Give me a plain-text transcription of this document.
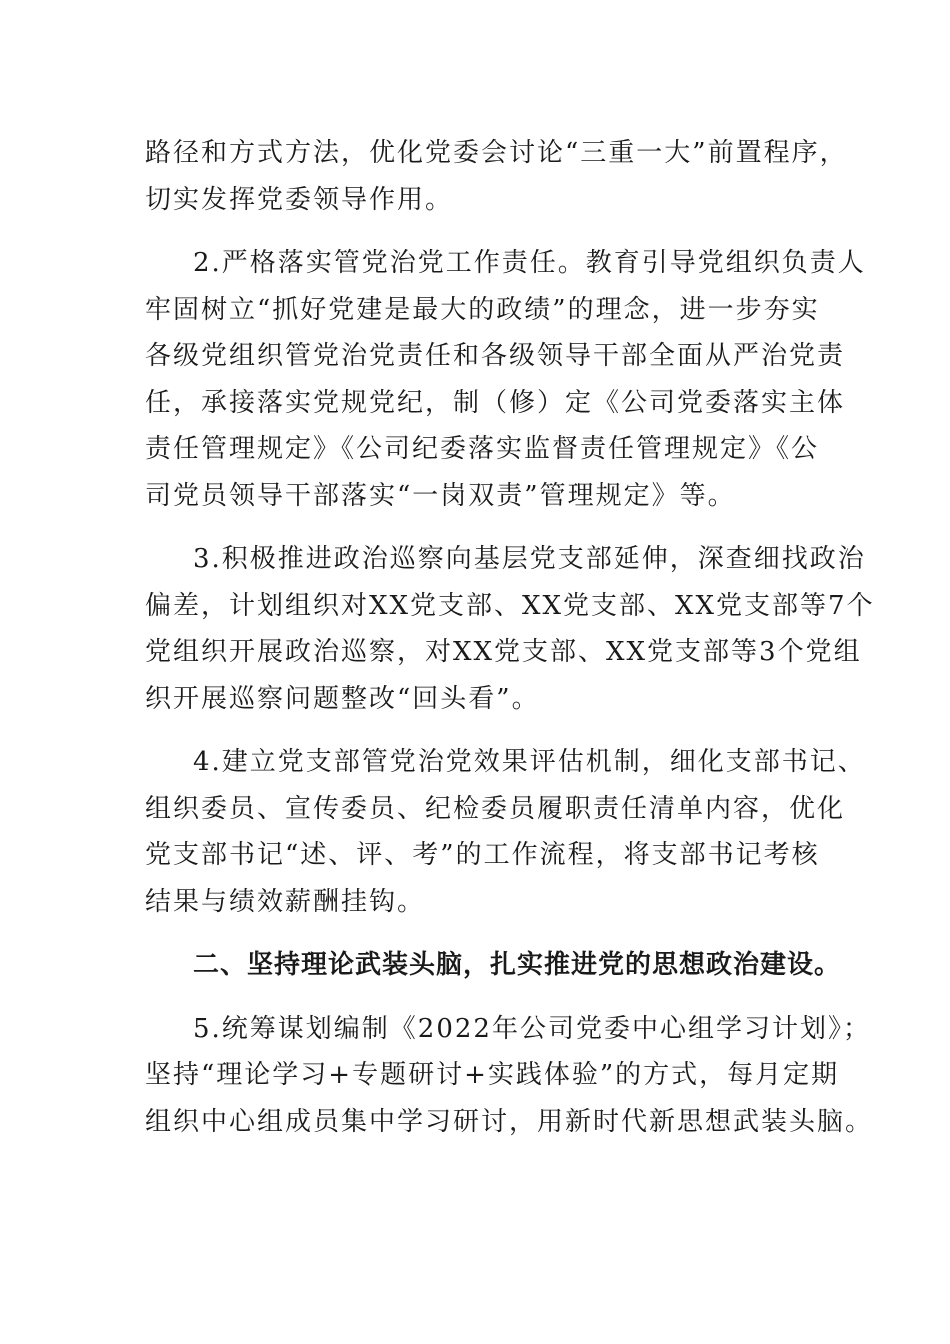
路径和方式方法，优化党委会讨论“三重一大”前置程序，
切实发挥党委领导作用。
2.严格落实管党治党工作责任。教育引导党组织负责人
牢固树立“抓好党建是最大的政绩”的理念，进一步夯实
各级党组织管党治党责任和各级领导干部全面从严治党责
任，承接落实党规党纪，制（修）定《公司党委落实主体
责任管理规定》《公司纪委落实监督责任管理规定》《公
司党员领导干部落实“一岗双责”管理规定》等。
3.积极推进政治巡察向基层党支部延伸，深查细找政治
偏差，计划组织对XX党支部、XX党支部、XX党支部等7个
党组织开展政治巡察，对XX党支部、XX党支部等3个党组
织开展巡察问题整改“回头看”。
4.建立党支部管党治党效果评估机制，细化支部书记、
组织委员、宣传委员、纪检委员履职责任清单内容，优化
党支部书记“述、评、考”的工作流程，将支部书记考核
结果与绩效薪酬挂钩。
二、坚持理论武装头脑，扎实推进党的思想政治建设。
5.统筹谋划编制《2022年公司党委中心组学习计划》；
坚持“理论学习+专题研讨+实践体验”的方式，每月定期
组织中心组成员集中学习研讨，用新时代新思想武装头脑。
